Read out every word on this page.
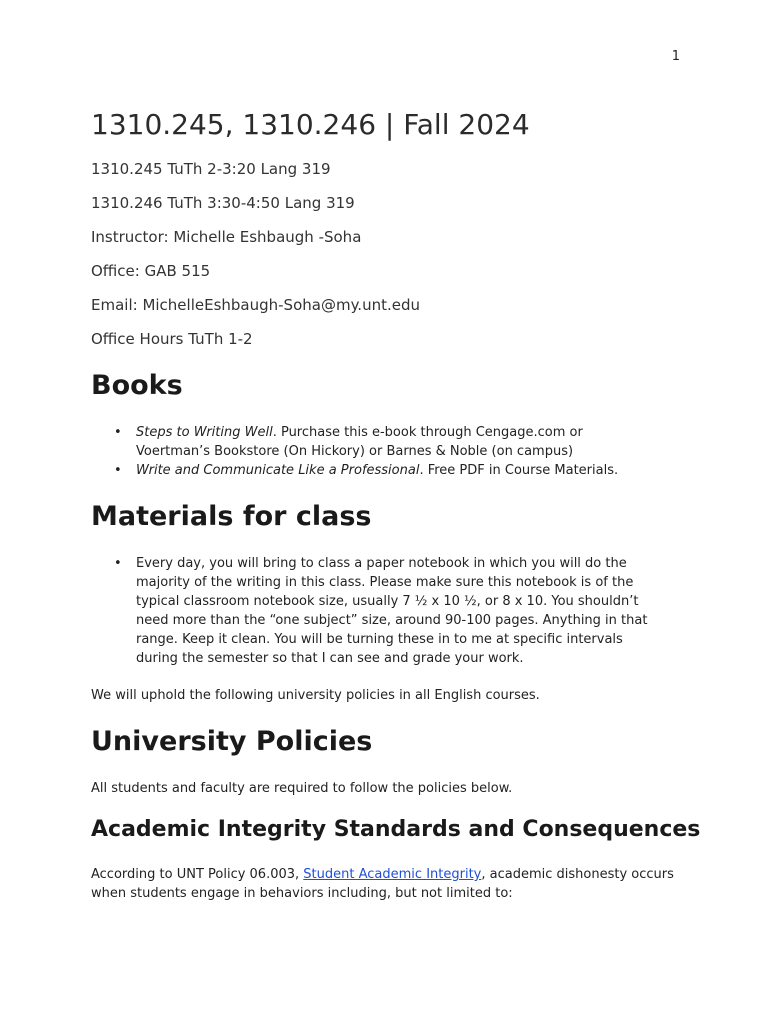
1
1310.245, 1310.246 | Fall 2024

1310.245 TuTh 2-3:20 Lang 319

1310.246 TuTh 3:30-4:50 Lang 319

Instructor: Michelle Eshbaugh -Soha

Office: GAB 515

Email: MichelleEshbaugh-Soha@my.unt.edu

Office Hours TuTh 1-2

Books
• Steps to Writing Well. Purchase this e-book through Cengage.com or Voertman’s Bookstore (On Hickory) or Barnes & Noble (on campus)
• Write and Communicate Like a Professional. Free PDF in Course Materials.
Materials for class
• Every day, you will bring to class a paper notebook in which you will do the majority of the writing in this class. Please make sure this notebook is of the typical classroom notebook size, usually 7 ½ x 10 ½, or 8 x 10. You shouldn’t need more than the “one subject” size, around 90-100 pages. Anything in that range. Keep it clean. You will be turning these in to me at specific intervals during the semester so that I can see and grade your work.

We will uphold the following university policies in all English courses.

University Policies

All students and faculty are required to follow the policies below.

Academic Integrity Standards and Consequences

According to UNT Policy 06.003, Student Academic Integrity, academic dishonesty occurs when students engage in behaviors including, but not limited to:
